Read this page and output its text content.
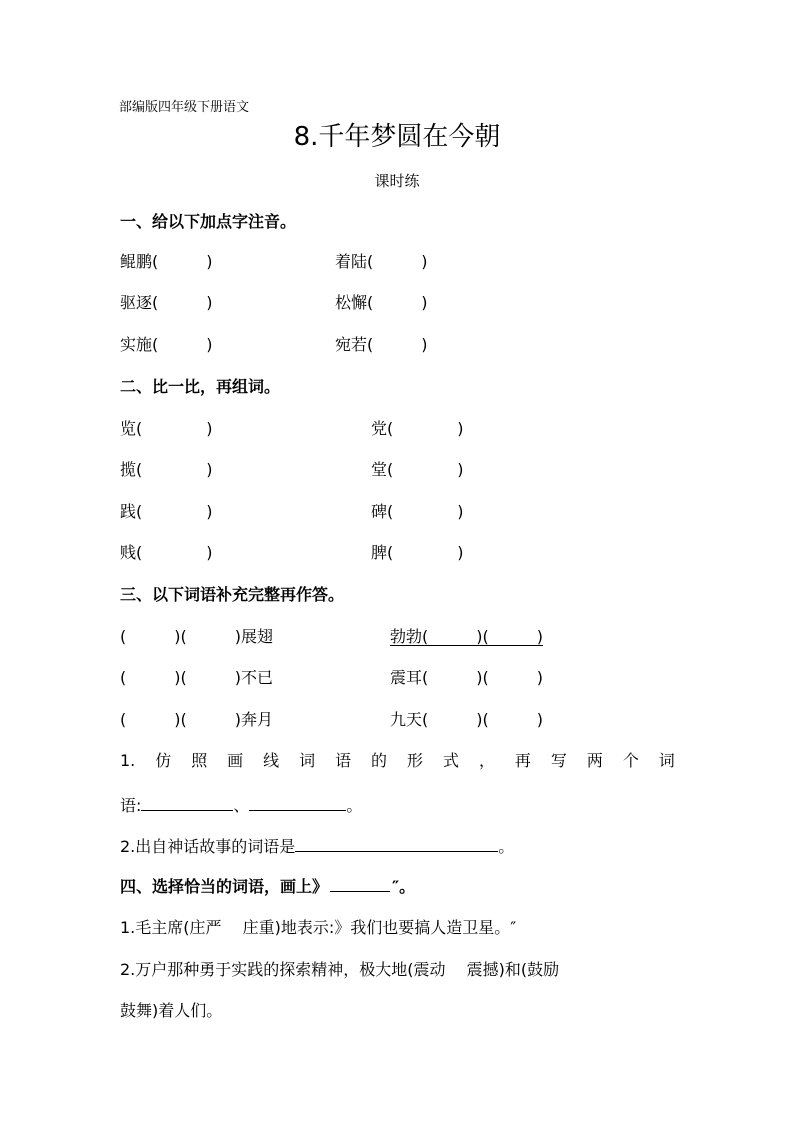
部编版四年级下册语文
8.千年梦圆在今朝
课时练
一、给以下加点字注音。
鲲鹏(　　　)	着陆(　　　)
驱逐(　　　)	松懈(　　　)
实施(　　　)	宛若(　　　)
二、比一比，再组词。
览(　　　　)	党(　　　　)
揽(　　　　)	堂(　　　　)
践(　　　　)	碑(　　　　)
贱(　　　　)	脾(　　　　)
三、以下词语补充完整再作答。
(　　　)(　　　)展翅	勃勃(　　　)(　　　)
(　　　)(　　　)不已	震耳(　　　)(　　　)
(　　　)(　　　)奔月	九天(　　　)(　　　)
1. 仿 照 画 线 词 语 的 形 式 ， 再 写 两 个 词
语:	、	。
2.出自神话故事的词语是	。
四、选择恰当的词语，画上》	″。
1.毛主席(庄严　 庄重)地表示:》我们也要搞人造卫星。″
2.万户那种勇于实践的探索精神，极大地(震动　 震撼)和(鼓励
鼓舞)着人们。
